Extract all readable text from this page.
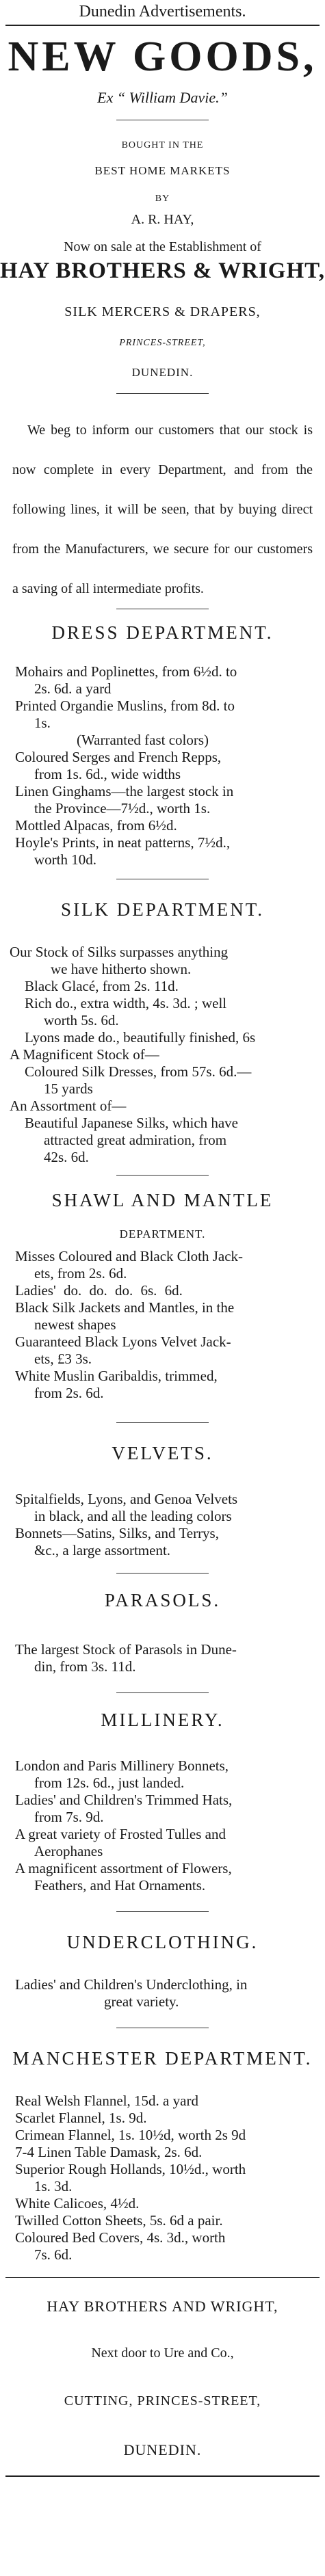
Dunedin Advertisements.
NEW GOODS,
Ex “ William Davie.”
BOUGHT IN THE
BEST HOME MARKETS
BY
A. R. HAY,
Now on sale at the Establishment of
HAY BROTHERS & WRIGHT,
SILK MERCERS & DRAPERS,
PRINCES-STREET,
DUNEDIN.
We beg to inform our customers that our stock is now complete in every Department, and from the following lines, it will be seen, that by buying direct from the Manufacturers, we secure for our customers a saving of all intermediate profits.
DRESS DEPARTMENT.
Mohairs and Poplinettes, from 6½d. to
2s. 6d. a yard
Printed Organdie Muslins, from 8d. to
1s.
(Warranted fast colors)
Coloured Serges and French Repps,
from 1s. 6d., wide widths
Linen Ginghams—the largest stock in
the Province—7½d., worth 1s.
Mottled Alpacas, from 6½d.
Hoyle's Prints, in neat patterns, 7½d.,
worth 10d.
SILK DEPARTMENT.
Our Stock of Silks surpasses anything
we have hitherto shown.
Black Glacé, from 2s. 11d.
Rich do., extra width, 4s. 3d. ; well
worth 5s. 6d.
Lyons made do., beautifully finished, 6s
A Magnificent Stock of—
Coloured Silk Dresses, from 57s. 6d.—
15 yards
An Assortment of—
Beautiful Japanese Silks, which have
attracted great admiration, from
42s. 6d.
SHAWL AND MANTLE
DEPARTMENT.
Misses Coloured and Black Cloth Jack-
ets, from 2s. 6d.
Ladies' do. do. do. 6s. 6d.
Black Silk Jackets and Mantles, in the
newest shapes
Guaranteed Black Lyons Velvet Jack-
ets, £3 3s.
White Muslin Garibaldis, trimmed,
from 2s. 6d.
VELVETS.
Spitalfields, Lyons, and Genoa Velvets
in black, and all the leading colors
Bonnets—Satins, Silks, and Terrys,
&c., a large assortment.
PARASOLS.
The largest Stock of Parasols in Dune-
din, from 3s. 11d.
MILLINERY.
London and Paris Millinery Bonnets,
from 12s. 6d., just landed.
Ladies' and Children's Trimmed Hats,
from 7s. 9d.
A great variety of Frosted Tulles and
Aerophanes
A magnificent assortment of Flowers,
Feathers, and Hat Ornaments.
UNDERCLOTHING.
Ladies' and Children's Underclothing, in
great variety.
MANCHESTER DEPARTMENT.
Real Welsh Flannel, 15d. a yard
Scarlet Flannel, 1s. 9d.
Crimean Flannel, 1s. 10½d, worth 2s 9d
7-4 Linen Table Damask, 2s. 6d.
Superior Rough Hollands, 10½d., worth
1s. 3d.
White Calicoes, 4½d.
Twilled Cotton Sheets, 5s. 6d a pair.
Coloured Bed Covers, 4s. 3d., worth
7s. 6d.
HAY BROTHERS AND WRIGHT,
Next door to Ure and Co.,
CUTTING, PRINCES-STREET,
DUNEDIN.
